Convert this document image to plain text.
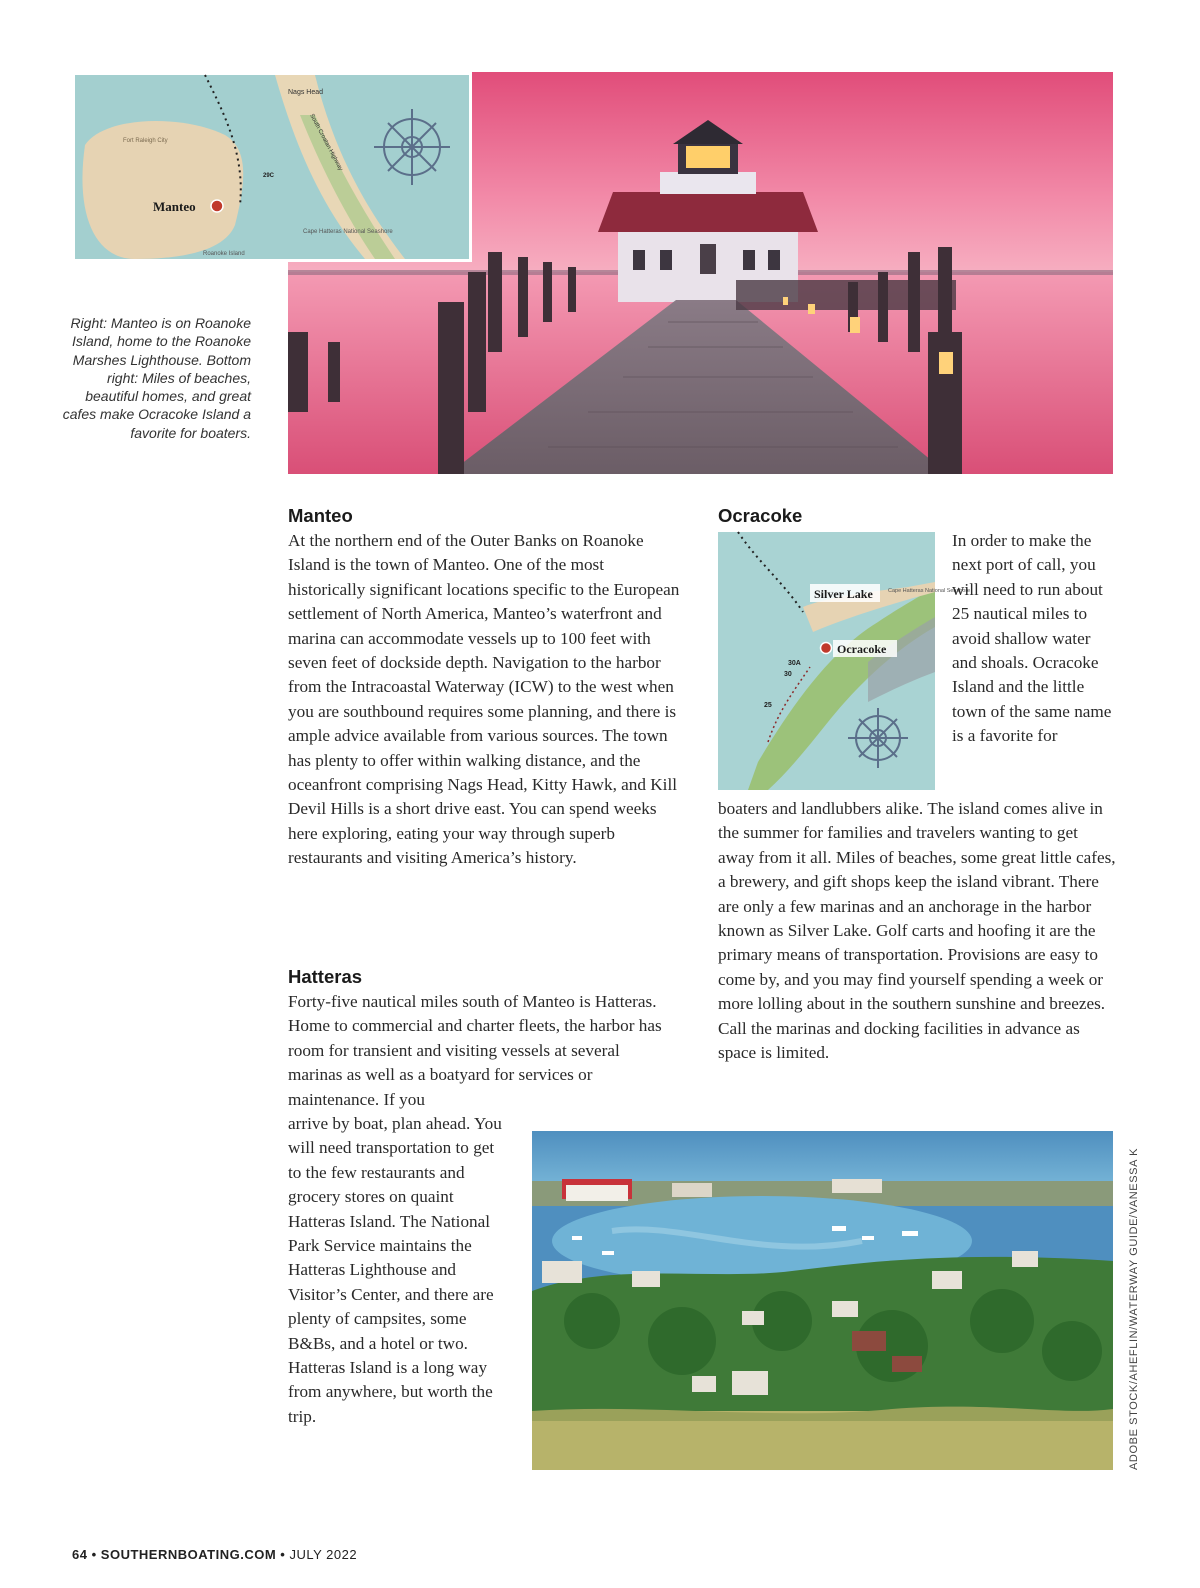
Manteo
Nags Head
South Croatan Highway
Fort Raleigh City
29C
Cape Hatteras National Seashore
Roanoke Island
Right: Manteo is on Roanoke Island, home to the Roanoke Marshes Lighthouse. Bottom right: Miles of beaches, beautiful homes, and great cafes make Ocracoke Island a favorite for boaters.
Manteo
At the northern end of the Outer Banks on Roanoke Island is the town of Manteo. One of the most historically significant locations specific to the European settlement of North America, Manteo’s waterfront and marina can accommodate vessels up to 100 feet with seven feet of dockside depth. Navigation to the harbor from the Intracoastal Waterway (ICW) to the west when you are southbound requires some planning, and there is ample advice available from various sources. The town has plenty to offer within walking distance, and the oceanfront comprising Nags Head, Kitty Hawk, and Kill Devil Hills is a short drive east. You can spend weeks here exploring, eating your way through superb restaurants and visiting America’s history.
Hatteras
Forty-five nautical miles south of Manteo is Hatteras. Home to commercial and charter fleets, the harbor has room for transient and visiting vessels at several marinas as well as a boatyard for services or maintenance. If you
arrive by boat, plan ahead. You will need transportation to get to the few restaurants and grocery stores on quaint Hatteras Island. The National Park Service maintains the Hatteras Lighthouse and Visitor’s Center, and there are plenty of campsites, some B&Bs, and a hotel or two. Hatteras Island is a long way from anywhere, but worth the trip.
Ocracoke
Silver Lake
Ocracoke
30A
30
25
Cape Hatteras National Seashore
In order to make the next port of call, you will need to run about 25 nautical miles to avoid shallow water and shoals. Ocracoke Island and the little town of the same name is a favorite for
boaters and landlubbers alike. The island comes alive in the summer for families and travelers wanting to get away from it all. Miles of beaches, some great little cafes, a brewery, and gift shops keep the island vibrant. There are only a few marinas and an anchorage in the harbor known as Silver Lake. Golf carts and hoofing it are the primary means of transportation. Provisions are easy to come by, and you may find yourself spending a week or more lolling about in the southern sunshine and breezes. Call the marinas and docking facilities in advance as space is limited.
ADOBE STOCK/AHEFLIN/WATERWAY GUIDE/VANESSA K
64 • SOUTHERNBOATING.COM • JULY 2022
